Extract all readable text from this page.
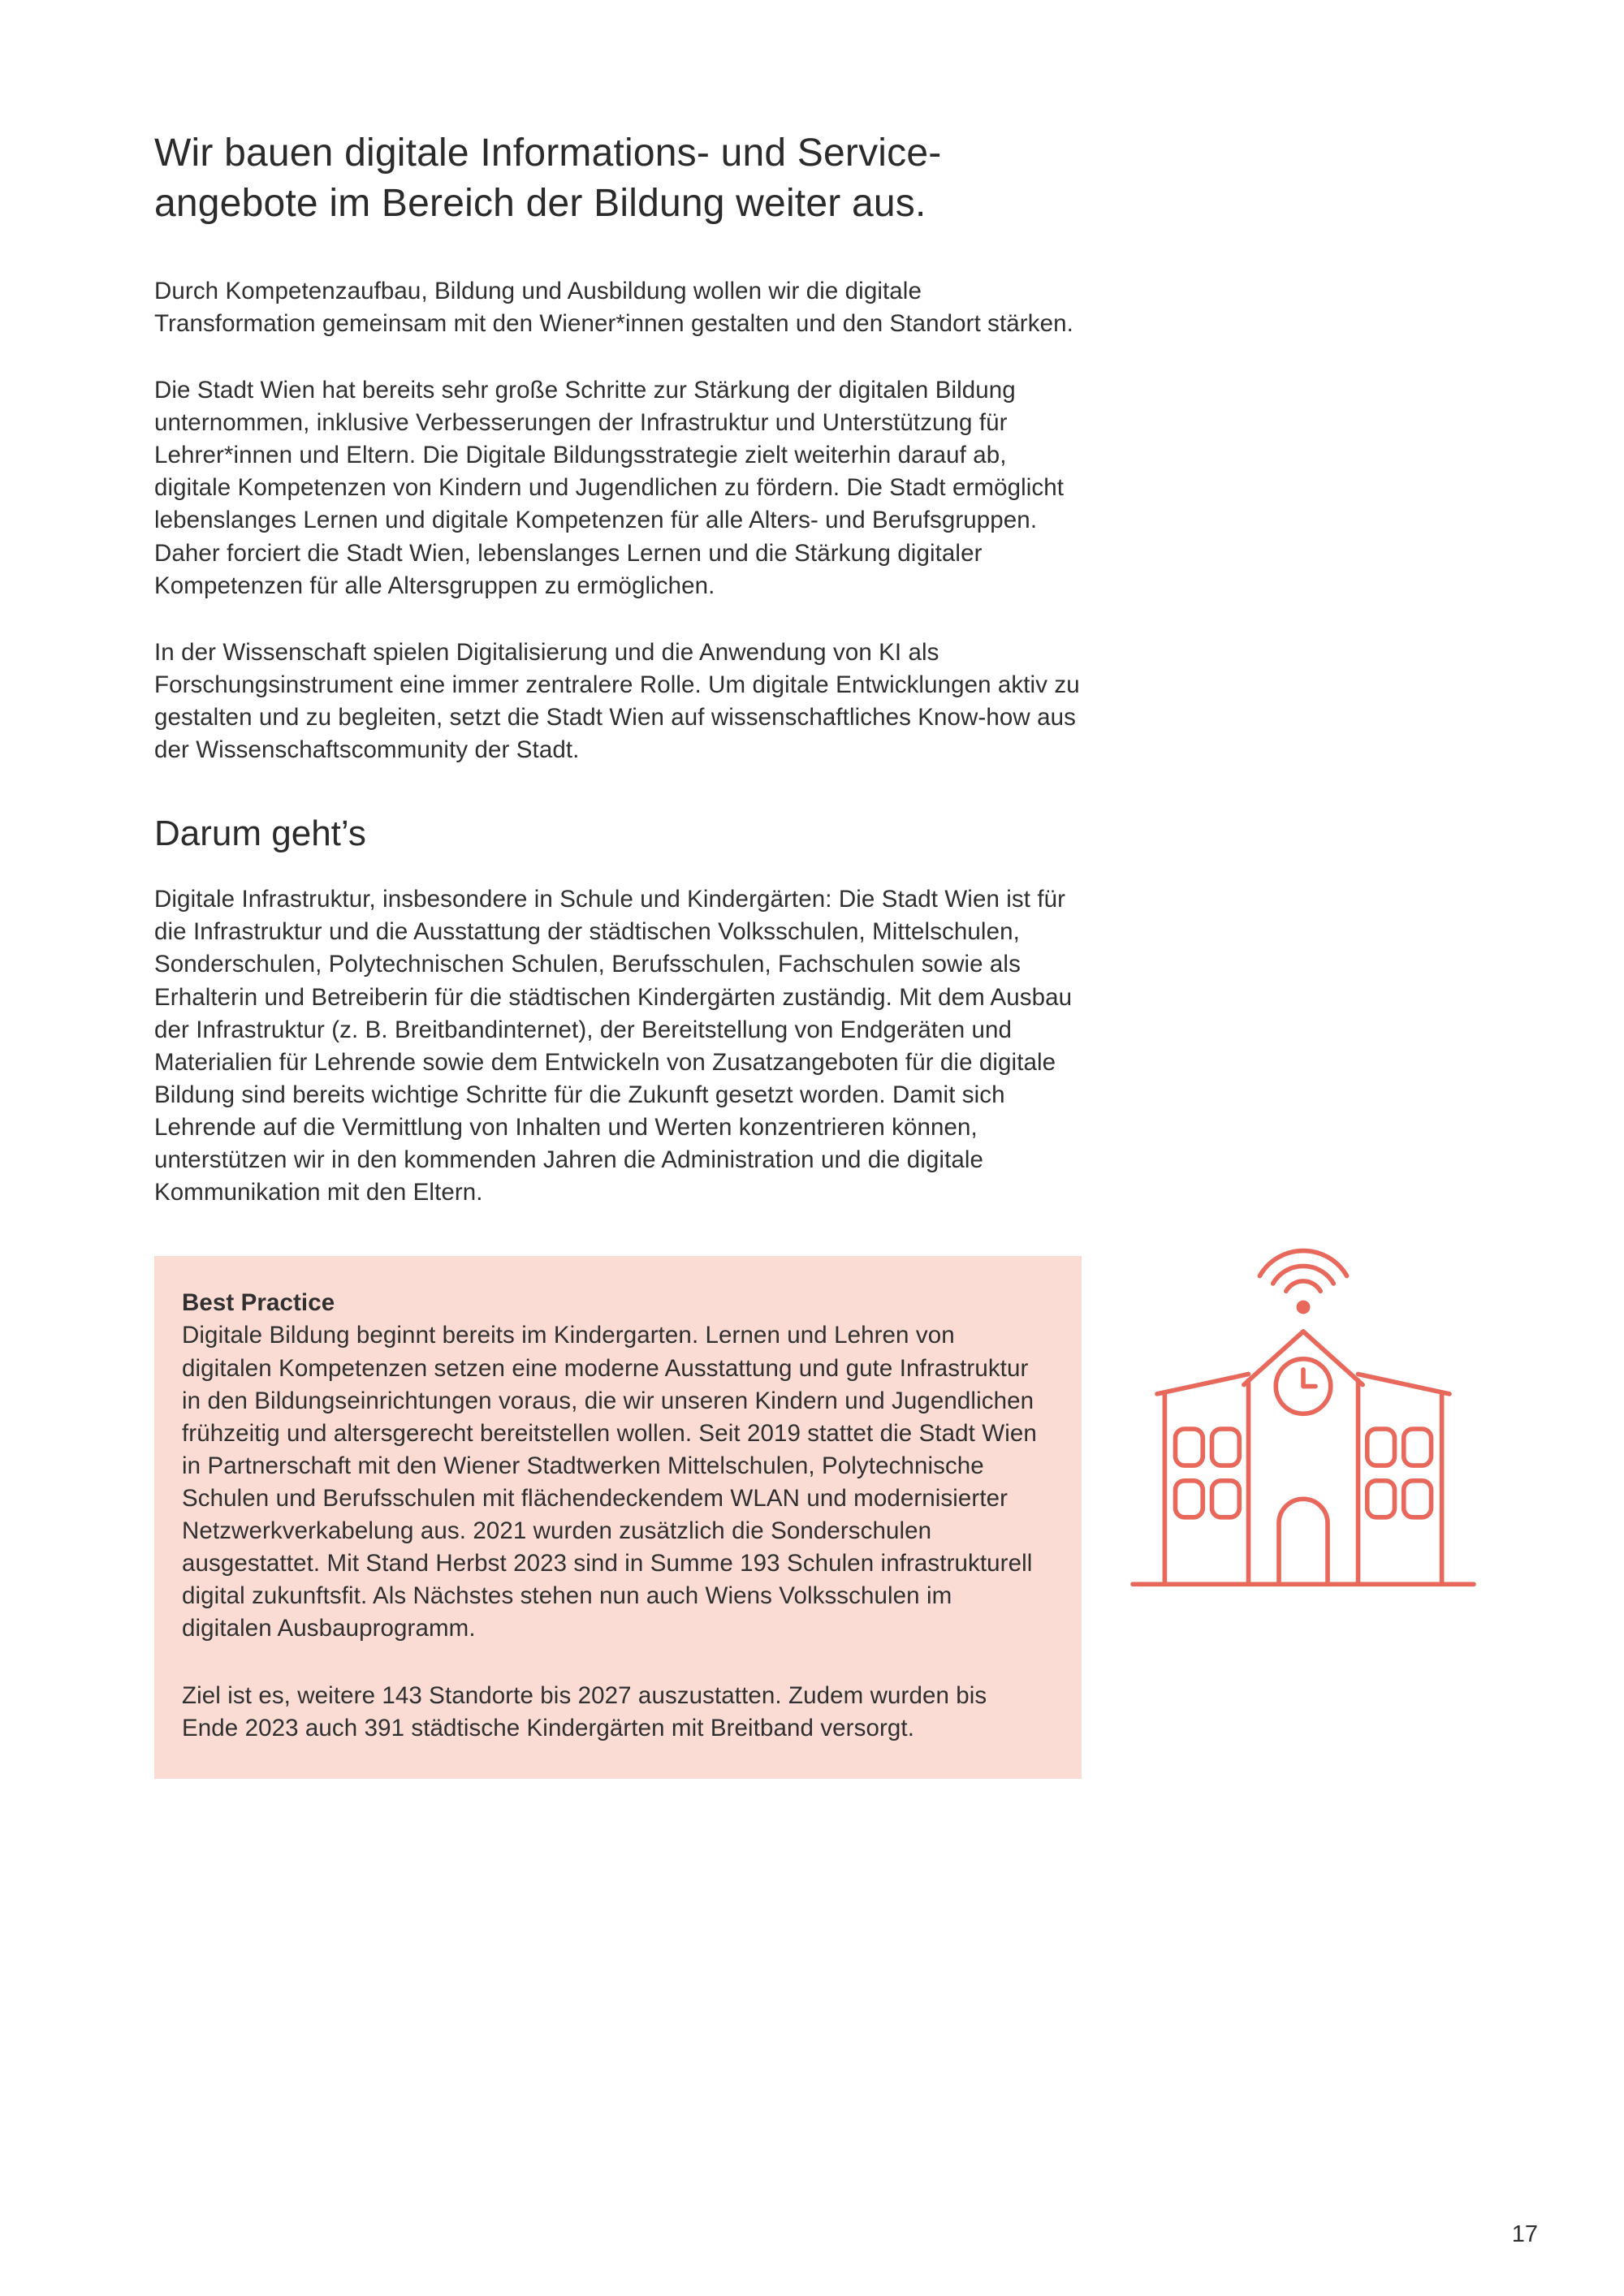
Wir bauen digitale Informations- und Service-
angebote im Bereich der Bildung weiter aus.

Durch Kompetenzaufbau, Bildung und Ausbildung wollen wir die digitale Transformation gemeinsam mit den Wiener*innen gestalten und den Standort stärken.

Die Stadt Wien hat bereits sehr große Schritte zur Stärkung der digitalen Bildung unternommen, inklusive Verbesserungen der Infrastruktur und Unterstützung für Lehrer*innen und Eltern. Die Digitale Bildungsstrategie zielt weiterhin darauf ab, digitale Kompetenzen von Kindern und Jugendlichen zu fördern. Die Stadt ermöglicht lebenslanges Lernen und digitale Kompetenzen für alle Alters- und Berufsgruppen. Daher forciert die Stadt Wien, lebenslanges Lernen und die Stärkung digitaler Kompetenzen für alle Altersgruppen zu ermöglichen.

In der Wissenschaft spielen Digitalisierung und die Anwendung von KI als Forschungsinstrument eine immer zentralere Rolle. Um digitale Entwicklungen aktiv zu gestalten und zu begleiten, setzt die Stadt Wien auf wissenschaftliches Know-how aus der Wissenschaftscommunity der Stadt.

Darum geht’s

Digitale Infrastruktur, insbesondere in Schule und Kindergärten: Die Stadt Wien ist für die Infrastruktur und die Ausstattung der städtischen Volksschulen, Mittelschulen, Sonderschulen, Polytechnischen Schulen, Berufsschulen, Fachschulen sowie als Erhalterin und Betreiberin für die städtischen Kindergärten zuständig. Mit dem Ausbau der Infrastruktur (z. B. Breitbandinternet), der Bereitstellung von Endgeräten und Materialien für Lehrende sowie dem Entwickeln von Zusatzangeboten für die digitale Bildung sind bereits wichtige Schritte für die Zukunft gesetzt worden. Damit sich Lehrende auf die Vermittlung von Inhalten und Werten konzentrieren können, unterstützen wir in den kommenden Jahren die Administration und die digitale Kommunikation mit den Eltern.

Best Practice

Digitale Bildung beginnt bereits im Kindergarten. Lernen und Lehren von digitalen Kompetenzen setzen eine moderne Ausstattung und gute Infrastruktur in den Bildungseinrichtungen voraus, die wir unseren Kindern und Jugendlichen frühzeitig und altersgerecht bereitstellen wollen. Seit 2019 stattet die Stadt Wien in Partnerschaft mit den Wiener Stadtwerken Mittelschulen, Polytechnische Schulen und Berufsschulen mit flächendeckendem WLAN und modernisierter Netzwerkverkabelung aus. 2021 wurden zusätzlich die Sonderschulen ausgestattet. Mit Stand Herbst 2023 sind in Summe 193 Schulen infrastrukturell digital zukunftsfit. Als Nächstes stehen nun auch Wiens Volksschulen im digitalen Ausbauprogramm.

Ziel ist es, weitere 143 Standorte bis 2027 auszustatten. Zudem wurden bis Ende 2023 auch 391 städtische Kindergärten mit Breitband versorgt.

17
